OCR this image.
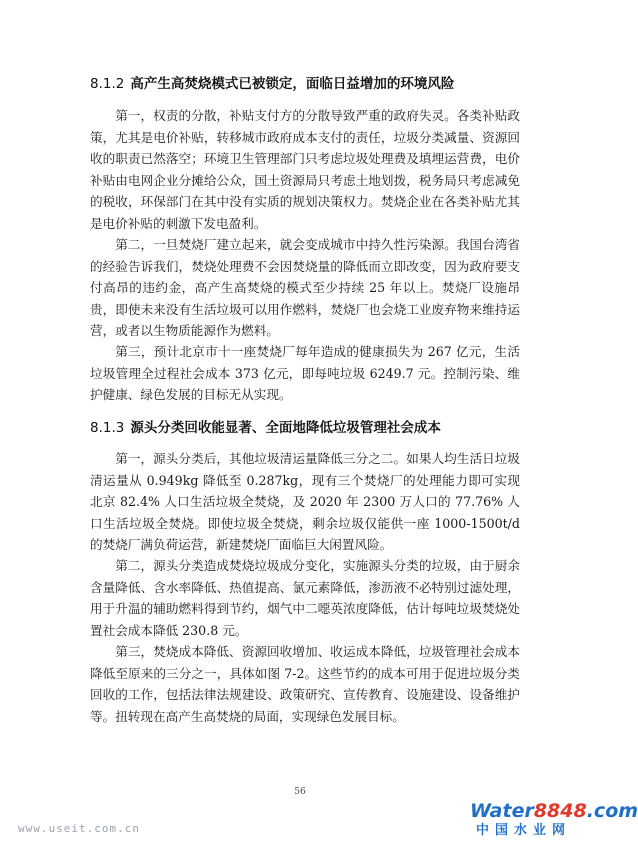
8.1.2 高产生高焚烧模式已被锁定，面临日益增加的环境风险

第一，权责的分散，补贴支付方的分散导致严重的政府失灵。各类补贴政策，尤其是电价补贴，转移城市政府成本支付的责任，垃圾分类减量、资源回收的职责已然落空；环境卫生管理部门只考虑垃圾处理费及填埋运营费，电价补贴由电网企业分摊给公众，国土资源局只考虑土地划拨，税务局只考虑减免的税收，环保部门在其中没有实质的规划决策权力。焚烧企业在各类补贴尤其是电价补贴的刺激下发电盈利。

第二，一旦焚烧厂建立起来，就会变成城市中持久性污染源。我国台湾省的经验告诉我们，焚烧处理费不会因焚烧量的降低而立即改变，因为政府要支付高昂的违约金，高产生高焚烧的模式至少持续 25 年以上。焚烧厂设施昂贵，即使未来没有生活垃圾可以用作燃料，焚烧厂也会烧工业废弃物来维持运营，或者以生物质能源作为燃料。

第三，预计北京市十一座焚烧厂每年造成的健康损失为 267 亿元，生活垃圾管理全过程社会成本 373 亿元，即每吨垃圾 6249.7 元。控制污染、维护健康、绿色发展的目标无从实现。

8.1.3 源头分类回收能显著、全面地降低垃圾管理社会成本

第一，源头分类后，其他垃圾清运量降低三分之二。如果人均生活日垃圾清运量从 0.949kg 降低至 0.287kg，现有三个焚烧厂的处理能力即可实现北京 82.4% 人口生活垃圾全焚烧，及 2020 年 2300 万人口的 77.76% 人口生活垃圾全焚烧。即使垃圾全焚烧，剩余垃圾仅能供一座 1000-1500t/d 的焚烧厂满负荷运营，新建焚烧厂面临巨大闲置风险。

第二，源头分类造成焚烧垃圾成分变化，实施源头分类的垃圾，由于厨余含量降低、含水率降低、热值提高、氯元素降低，渗沥液不必特别过滤处理，用于升温的辅助燃料得到节约，烟气中二噁英浓度降低，估计每吨垃圾焚烧处置社会成本降低 230.8 元。

第三，焚烧成本降低、资源回收增加、收运成本降低，垃圾管理社会成本降低至原来的三分之一，具体如图 7-2。这些节约的成本可用于促进垃圾分类回收的工作，包括法律法规建设、政策研究、宣传教育、设施建设、设备维护等。扭转现在高产生高焚烧的局面，实现绿色发展目标。

56
www.useit.com.cn
Water8848.com
中国水业网
